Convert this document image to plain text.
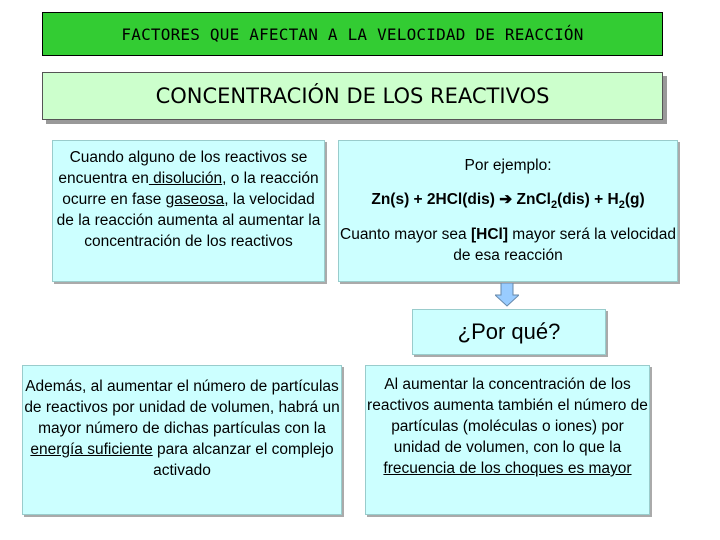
FACTORES QUE AFECTAN A LA VELOCIDAD DE REACCIÓN
CONCENTRACIÓN DE LOS REACTIVOS
Cuando alguno de los reactivos se encuentra en disolución, o la reacción ocurre en fase gaseosa, la velocidad de la reacción aumenta al aumentar la concentración de los reactivos
Por ejemplo:
Zn(s) + 2HCl(dis) ➔ ZnCl$_2$(dis) + $H_2(g)$
Cuanto mayor sea [HCl] mayor será la velocidad de esa reacción
¿Por qué?
Además, al aumentar el número de partículas de reactivos por unidad de volumen, habrá un mayor número de dichas partículas con la energía suficiente para alcanzar el complejo activado
Al aumentar la concentración de los reactivos aumenta también el número de partículas (moléculas o iones) por unidad de volumen, con lo que la frecuencia de los choques es mayor
